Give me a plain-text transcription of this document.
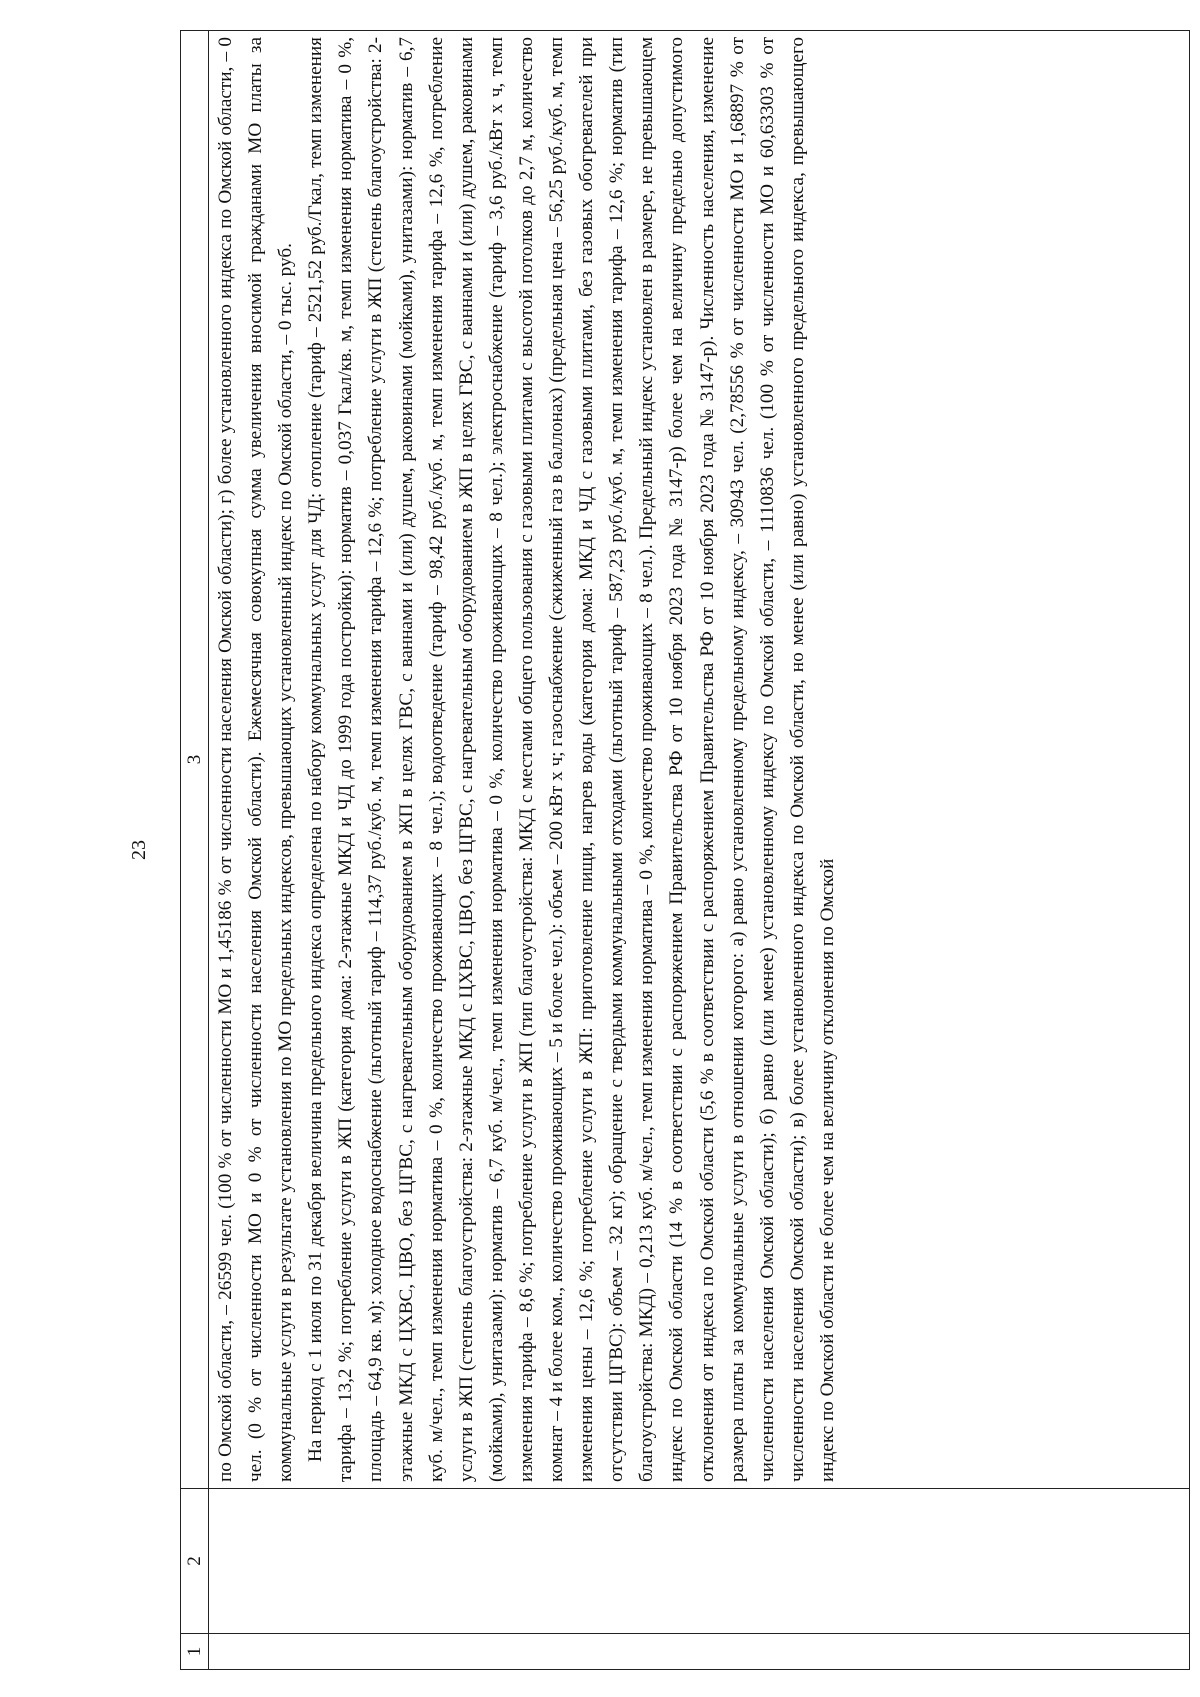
23
1	2	3

		по Омской области, – 26599 чел. (100 % от численности МО и 1,45186 % от численности населения Омской области); г) более установленного индекса по Омской области, – 0 чел. (0 % от численности МО и 0 % от численности населения Омской области). Ежемесячная совокупная сумма увеличения вносимой гражданами МО платы за коммунальные услуги в результате установления по МО предельных индексов, превышающих установленный индекс по Омской области, – 0 тыс. руб. На период с 1 июля по 31 декабря величина предельного индекса определена по набору коммунальных услуг для ЧД: отопление (тариф – 2521,52 руб./Гкал, темп изменения тарифа – 13,2 %; потребление услуги в ЖП (категория дома: 2-этажные МКД и ЧД до 1999 года постройки): норматив – 0,037 Гкал/кв. м, темп изменения норматива – 0 %, площадь – 64,9 кв. м); холодное водоснабжение (льготный тариф – 114,37 руб./куб. м, темп изменения тарифа – 12,6 %; потребление услуги в ЖП (степень благоустройства: 2-этажные МКД с ЦХВС, ЦВО, без ЦГВС, с нагревательным оборудованием в ЖП в целях ГВС, с ваннами и (или) душем, раковинами (мойками), унитазами): норматив – 6,7 куб. м/чел., темп изменения норматива – 0 %, количество проживающих – 8 чел.); водоотведение (тариф – 98,42 руб./куб. м, темп изменения тарифа – 12,6 %, потребление услуги в ЖП (степень благоустройства: 2-этажные МКД с ЦХВС, ЦВО, без ЦГВС, с нагревательным оборудованием в ЖП в целях ГВС, с ваннами и (или) душем, раковинами (мойками), унитазами): норматив – 6,7 куб. м/чел., темп изменения норматива – 0 %, количество проживающих – 8 чел.); электроснабжение (тариф – 3,6 руб./кВт х ч, темп изменения тарифа – 8,6 %; потребление услуги в ЖП (тип благоустройства: МКД с местами общего пользования с газовыми плитами с высотой потолков до 2,7 м, количество комнат – 4 и более ком., количество проживающих – 5 и более чел.): объем – 200 кВт х ч; газоснабжение (сжиженный газ в баллонах) (предельная цена – 56,25 руб./куб. м, темп изменения цены – 12,6 %; потребление услуги в ЖП: приготовление пищи, нагрев воды (категория дома: МКД и ЧД с газовыми плитами, без газовых обогревателей при отсутствии ЦГВС): объем – 32 кг); обращение с твердыми коммунальными отходами (льготный тариф – 587,23 руб./куб. м, темп изменения тарифа – 12,6 %; норматив (тип благоустройства: МКД) – 0,213 куб. м/чел., темп изменения норматива – 0 %, количество проживающих – 8 чел.). Предельный индекс установлен в размере, не превышающем индекс по Омской области (14 % в соответствии с распоряжением Правительства РФ от 10 ноября 2023 года № 3147-р) более чем на величину предельно допустимого отклонения от индекса по Омской области (5,6 % в соответствии с распоряжением Правительства РФ от 10 ноября 2023 года № 3147-р). Численность населения, изменение размера платы за коммунальные услуги в отношении которого: а) равно установленному предельному индексу, – 30943 чел. (2,78556 % от численности МО и 1,68897 % от численности населения Омской области); б) равно (или менее) установленному индексу по Омской области, – 1110836 чел. (100 % от численности МО и 60,63303 % от численности населения Омской области); в) более установленного индекса по Омской области, но менее (или равно) установленного предельного индекса, превышающего индекс по Омской области не более чем на величину отклонения по Омской
